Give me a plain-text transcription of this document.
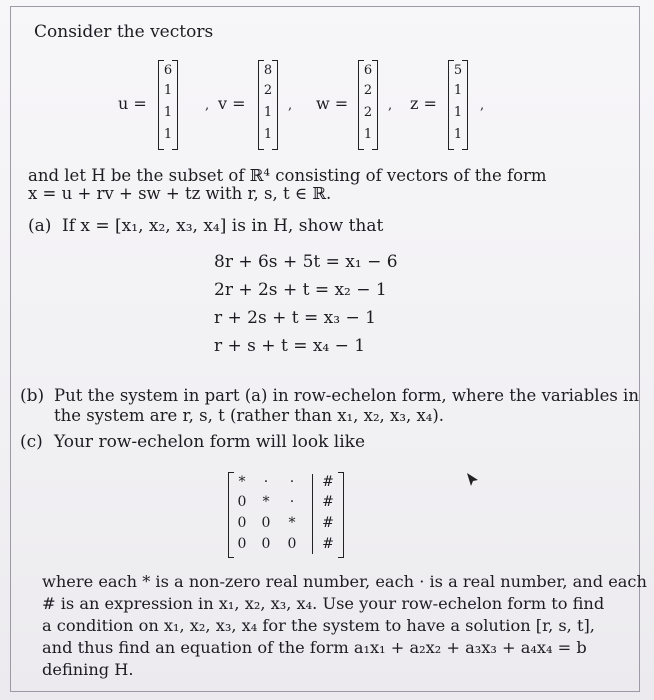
Consider the vectors
u =
6
1
1
1
, v =
8
2
1
1
, w =
6
2
2
1
, z =
5
1
1
1
,
and let H be the subset of ℝ⁴ consisting of vectors of the form
x = u + rv + sw + tz with r, s, t ∈ ℝ.
(a) If x = [x₁, x₂, x₃, x₄] is in H, show that
8r + 6s + 5t = x₁ − 6
2r + 2s + t = x₂ − 1
r + 2s + t = x₃ − 1
r + s + t = x₄ − 1
(b) Put the system in part (a) in row-echelon form, where the variables in
the system are r, s, t (rather than x₁, x₂, x₃, x₄).
(c) Your row-echelon form will look like
*	·	·	#
0	*	·	#
0 0	*	#
0 0 0 #
where each * is a non-zero real number, each · is a real number, and each
# is an expression in x₁, x₂, x₃, x₄. Use your row-echelon form to find
a condition on x₁, x₂, x₃, x₄ for the system to have a solution [r, s, t],
and thus find an equation of the form a₁x₁ + a₂x₂ + a₃x₃ + a₄x₄ = b
defining H.
